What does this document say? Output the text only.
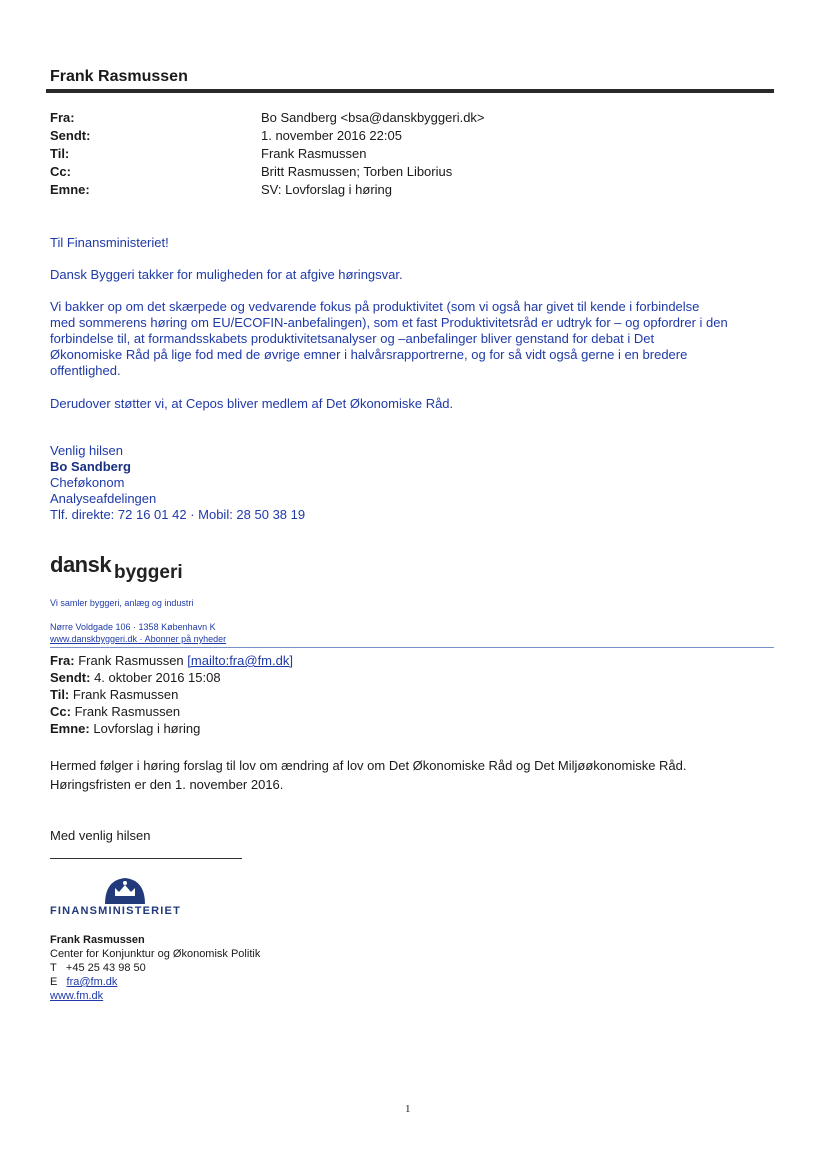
Frank Rasmussen
Fra:	Bo Sandberg <bsa@danskbyggeri.dk>
Sendt:	1. november 2016 22:05
Til:	Frank Rasmussen
Cc:	Britt Rasmussen; Torben Liborius
Emne:	SV: Lovforslag i høring
Til Finansministeriet!
Dansk Byggeri takker for muligheden for at afgive høringsvar.
Vi bakker op om det skærpede og vedvarende fokus på produktivitet (som vi også har givet til kende i forbindelse
med sommerens høring om EU/ECOFIN-anbefalingen), som et fast Produktivitetsråd er udtryk for – og opfordrer i den
forbindelse til, at formandsskabets produktivitetsanalyser og –anbefalinger bliver genstand for debat i Det
Økonomiske Råd på lige fod med de øvrige emner i halvårsrapportrerne, og for så vidt også gerne i en bredere
offentlighed.
Derudover støtter vi, at Cepos bliver medlem af Det Økonomiske Råd.
Venlig hilsen
Bo Sandberg
Cheføkonom
Analyseafdelingen
Tlf. direkte: 72 16 01 42 · Mobil: 28 50 38 19
dansk byggeri
Vi samler byggeri, anlæg og industri
Nørre Voldgade 106 · 1358 København K
www.danskbyggeri.dk · Abonner på nyheder
Fra: Frank Rasmussen [mailto:fra@fm.dk]
Sendt: 4. oktober 2016 15:08
Til: Frank Rasmussen
Cc: Frank Rasmussen
Emne: Lovforslag i høring
Hermed følger i høring forslag til lov om ændring af lov om Det Økonomiske Råd og Det Miljøøkonomiske Råd.
Høringsfristen er den 1. november 2016.
Med venlig hilsen
FINANSMINISTERIET
Frank Rasmussen
Center for Konjunktur og Økonomisk Politik
T +45 25 43 98 50
E fra@fm.dk
www.fm.dk
1
